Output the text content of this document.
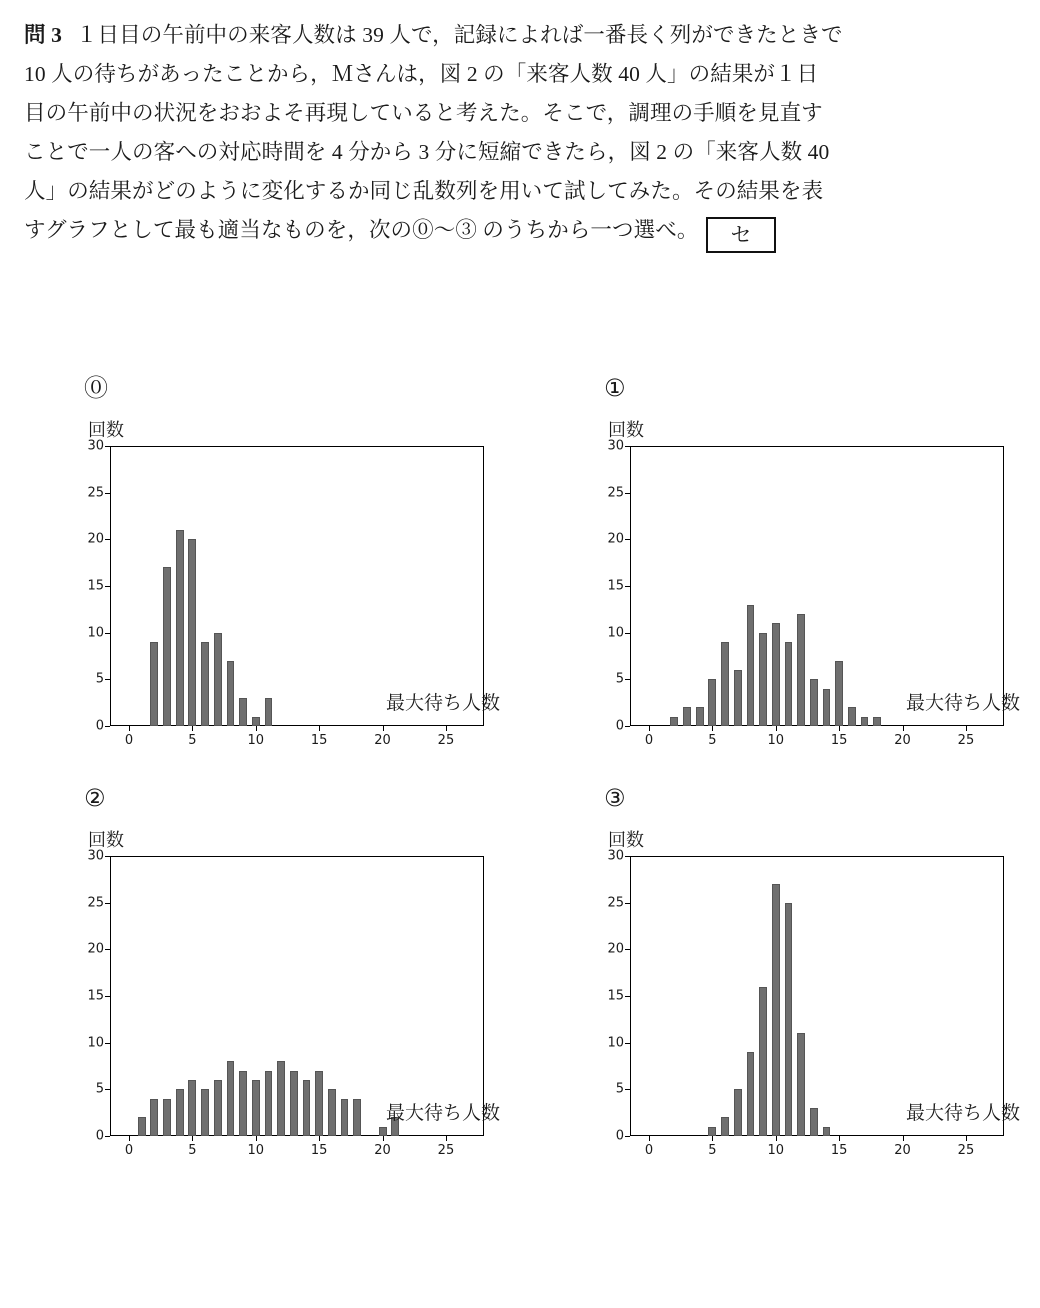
問 3 １日目の午前中の来客人数は 39 人で，記録によれば一番長く列ができたときで
10 人の待ちがあったことから，Ｍさんは，図 2 の「来客人数 40 人」の結果が１日
目の午前中の状況をおおよそ再現していると考えた。そこで，調理の手順を見直す
ことで一人の客への対応時間を 4 分から 3 分に短縮できたら，図 2 の「来客人数 40
人」の結果がどのように変化するか同じ乱数列を用いて試してみた。その結果を表
すグラフとして最も適当なものを，次の⓪〜③ のうちから一つ選べ。 セ
⓪
回数
0
5
10
15
20
25
30
0	5	10	15	20	25
最大待ち人数
①
回数
0
5
10
15
20
25
30
0	5	10	15	20	25
最大待ち人数
②
回数
0
5
10
15
20
25
30
0	5	10	15	20	25
最大待ち人数
③
回数
0
5
10
15
20
25
30
0	5	10	15	20	25
最大待ち人数
